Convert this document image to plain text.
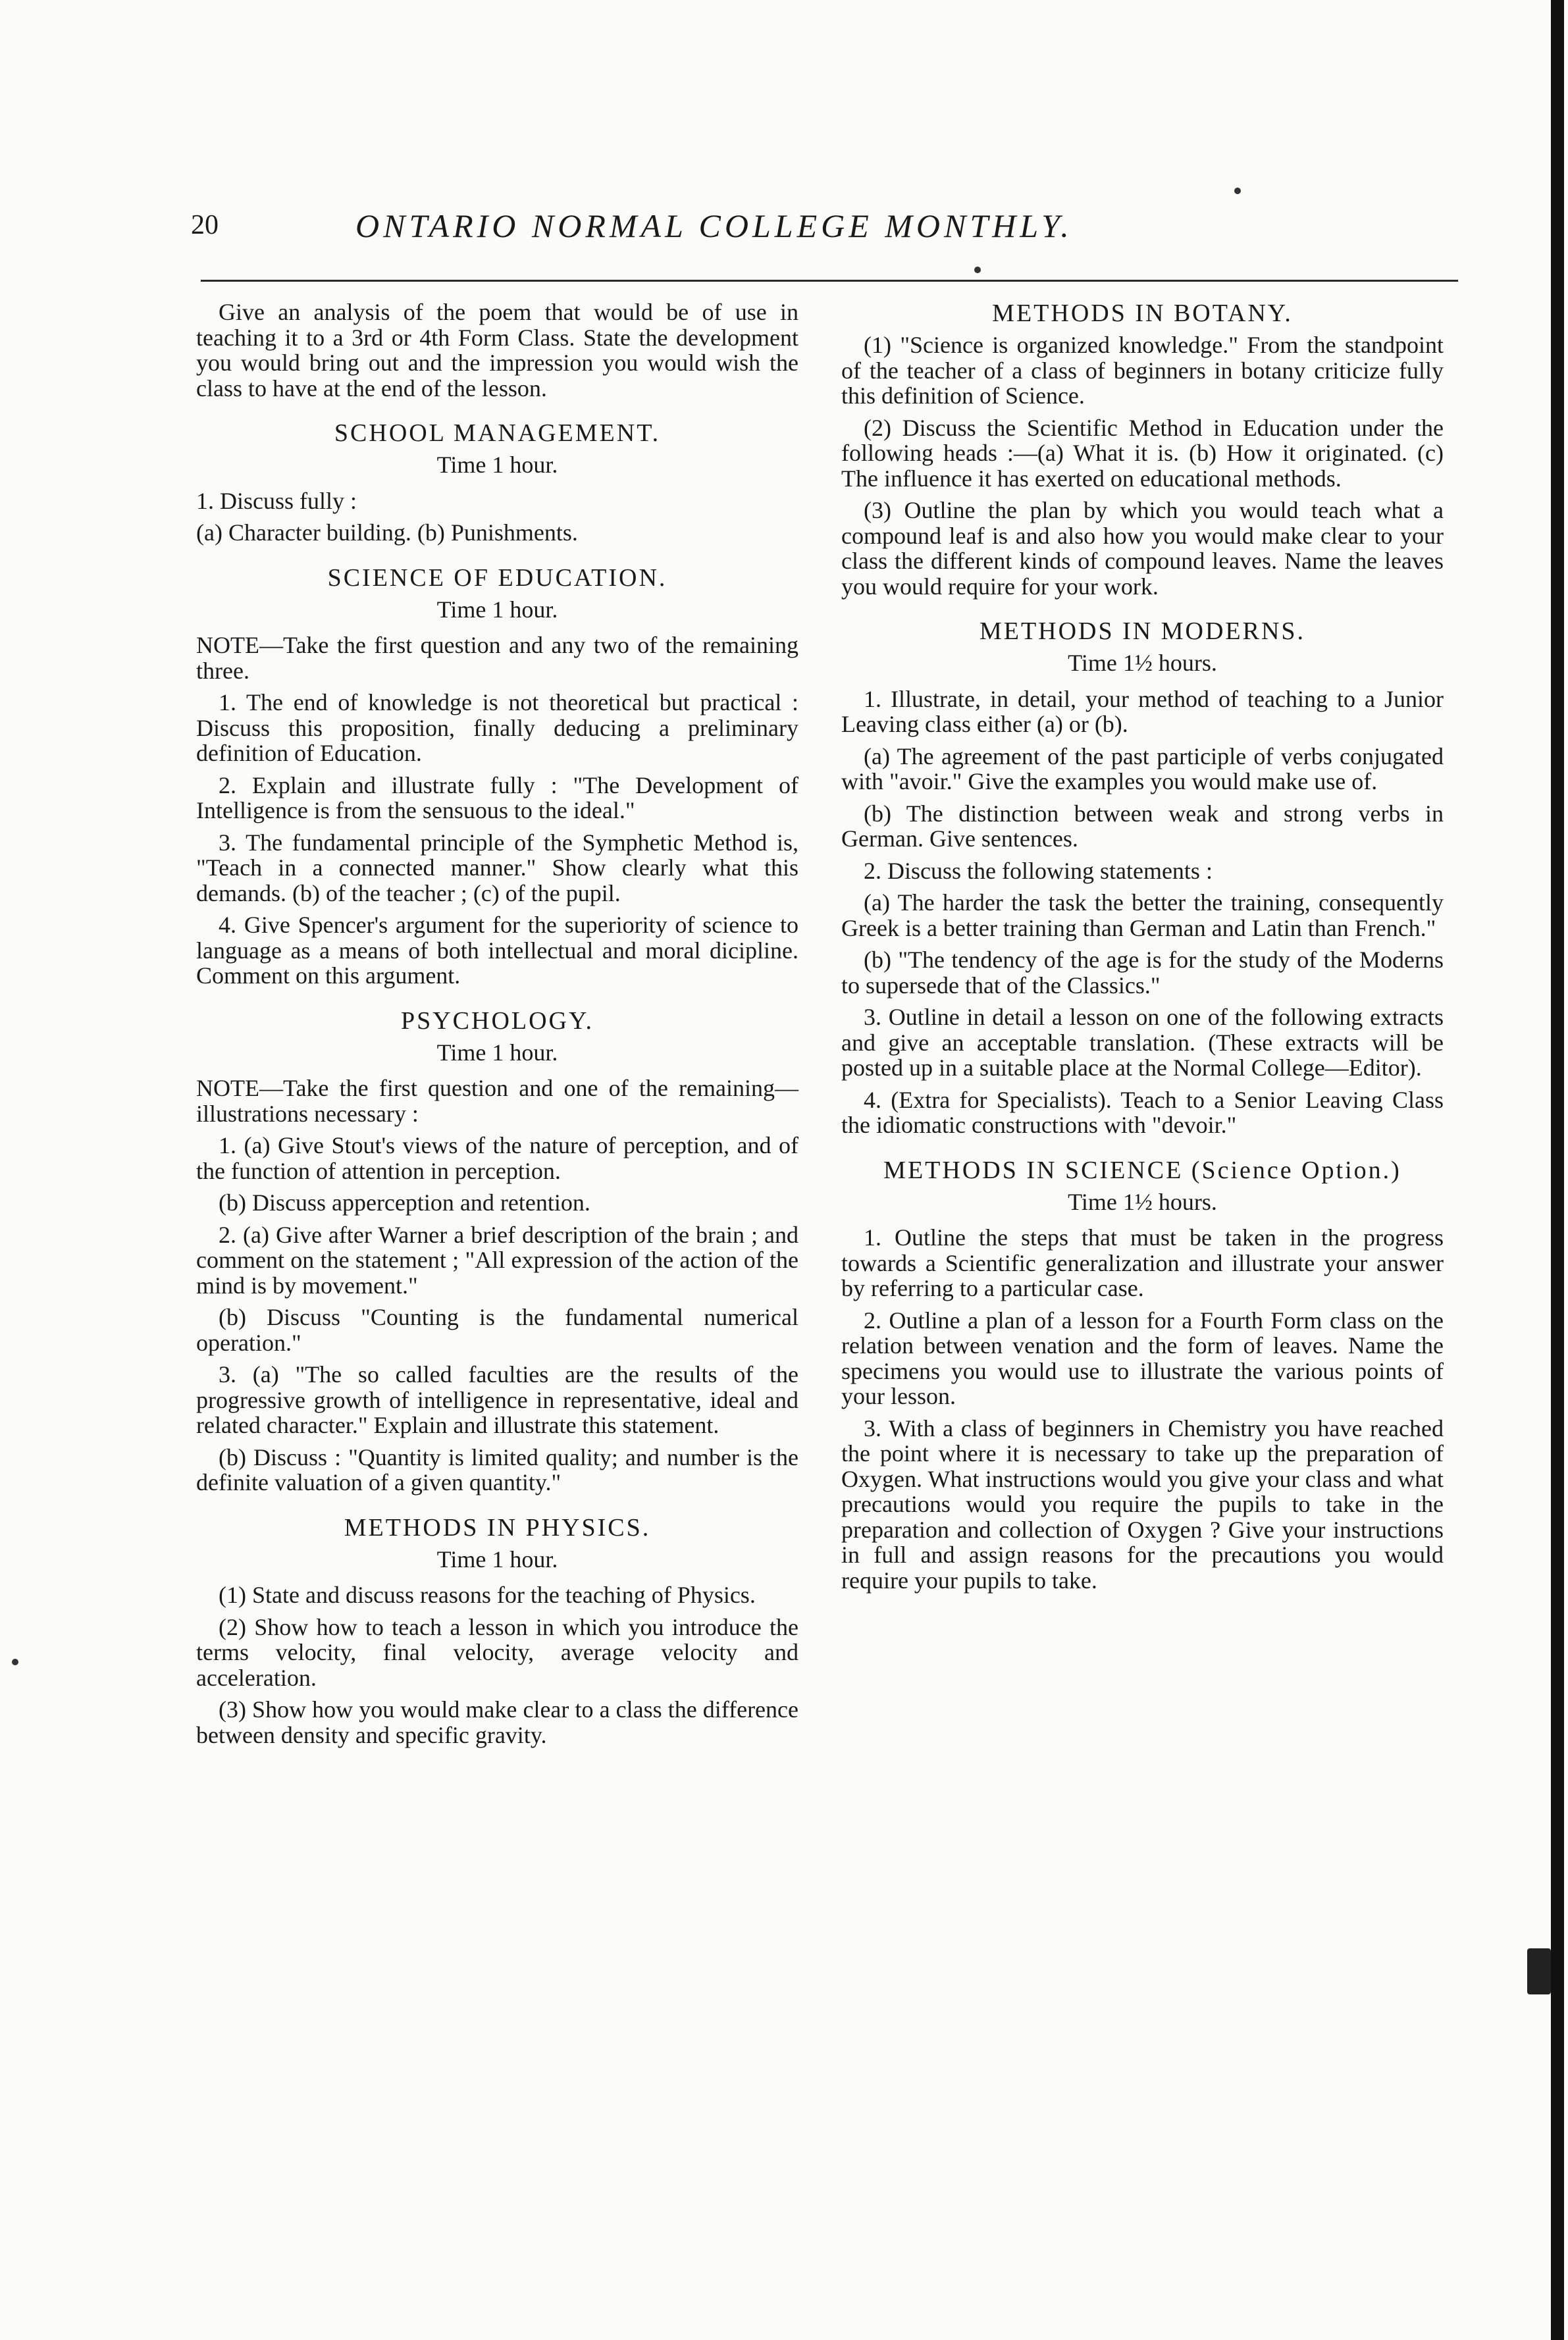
20	ONTARIO NORMAL COLLEGE MONTHLY.

Give an analysis of the poem that would be of use in teaching it to a 3rd or 4th Form Class. State the development you would bring out and the impression you would wish the class to have at the end of the lesson.

SCHOOL MANAGEMENT.
Time 1 hour.

1. Discuss fully :

(a) Character building. (b) Punishments.

SCIENCE OF EDUCATION.
Time 1 hour.

NOTE—Take the first question and any two of the remaining three.

1. The end of knowledge is not theoretical but practical : Discuss this proposition, finally deducing a preliminary definition of Education.

2. Explain and illustrate fully : "The Development of Intelligence is from the sensuous to the ideal."

3. The fundamental principle of the Symphetic Method is, "Teach in a connected manner." Show clearly what this demands. (b) of the teacher ; (c) of the pupil.

4. Give Spencer's argument for the superiority of science to language as a means of both intellectual and moral dicipline. Comment on this argument.

PSYCHOLOGY.
Time 1 hour.

NOTE—Take the first question and one of the remaining—illustrations necessary :

1. (a) Give Stout's views of the nature of perception, and of the function of attention in perception.

(b) Discuss apperception and retention.

2. (a) Give after Warner a brief description of the brain ; and comment on the statement ; "All expression of the action of the mind is by movement."

(b) Discuss "Counting is the fundamental numerical operation."

3. (a) "The so called faculties are the results of the progressive growth of intelligence in representative, ideal and related character." Explain and illustrate this statement.

(b) Discuss : "Quantity is limited quality; and number is the definite valuation of a given quantity."

METHODS IN PHYSICS.
Time 1 hour.

(1) State and discuss reasons for the teaching of Physics.

(2) Show how to teach a lesson in which you introduce the terms velocity, final velocity, average velocity and acceleration.

(3) Show how you would make clear to a class the difference between density and specific gravity.

METHODS IN BOTANY.

(1) "Science is organized knowledge." From the standpoint of the teacher of a class of beginners in botany criticize fully this definition of Science.

(2) Discuss the Scientific Method in Education under the following heads :—(a) What it is. (b) How it originated. (c) The influence it has exerted on educational methods.

(3) Outline the plan by which you would teach what a compound leaf is and also how you would make clear to your class the different kinds of compound leaves. Name the leaves you would require for your work.

METHODS IN MODERNS.
Time 1½ hours.

1. Illustrate, in detail, your method of teaching to a Junior Leaving class either (a) or (b).

(a) The agreement of the past participle of verbs conjugated with "avoir." Give the examples you would make use of.

(b) The distinction between weak and strong verbs in German. Give sentences.

2. Discuss the following statements :

(a) The harder the task the better the training, consequently Greek is a better training than German and Latin than French."

(b) "The tendency of the age is for the study of the Moderns to supersede that of the Classics."

3. Outline in detail a lesson on one of the following extracts and give an acceptable translation. (These extracts will be posted up in a suitable place at the Normal College—Editor).

4. (Extra for Specialists). Teach to a Senior Leaving Class the idiomatic constructions with "devoir."

METHODS IN SCIENCE (Science Option.)
Time 1½ hours.

1. Outline the steps that must be taken in the progress towards a Scientific generalization and illustrate your answer by referring to a particular case.

2. Outline a plan of a lesson for a Fourth Form class on the relation between venation and the form of leaves. Name the specimens you would use to illustrate the various points of your lesson.

3. With a class of beginners in Chemistry you have reached the point where it is necessary to take up the preparation of Oxygen. What instructions would you give your class and what precautions would you require the pupils to take in the preparation and collection of Oxygen ? Give your instructions in full and assign reasons for the precautions you would require your pupils to take.
